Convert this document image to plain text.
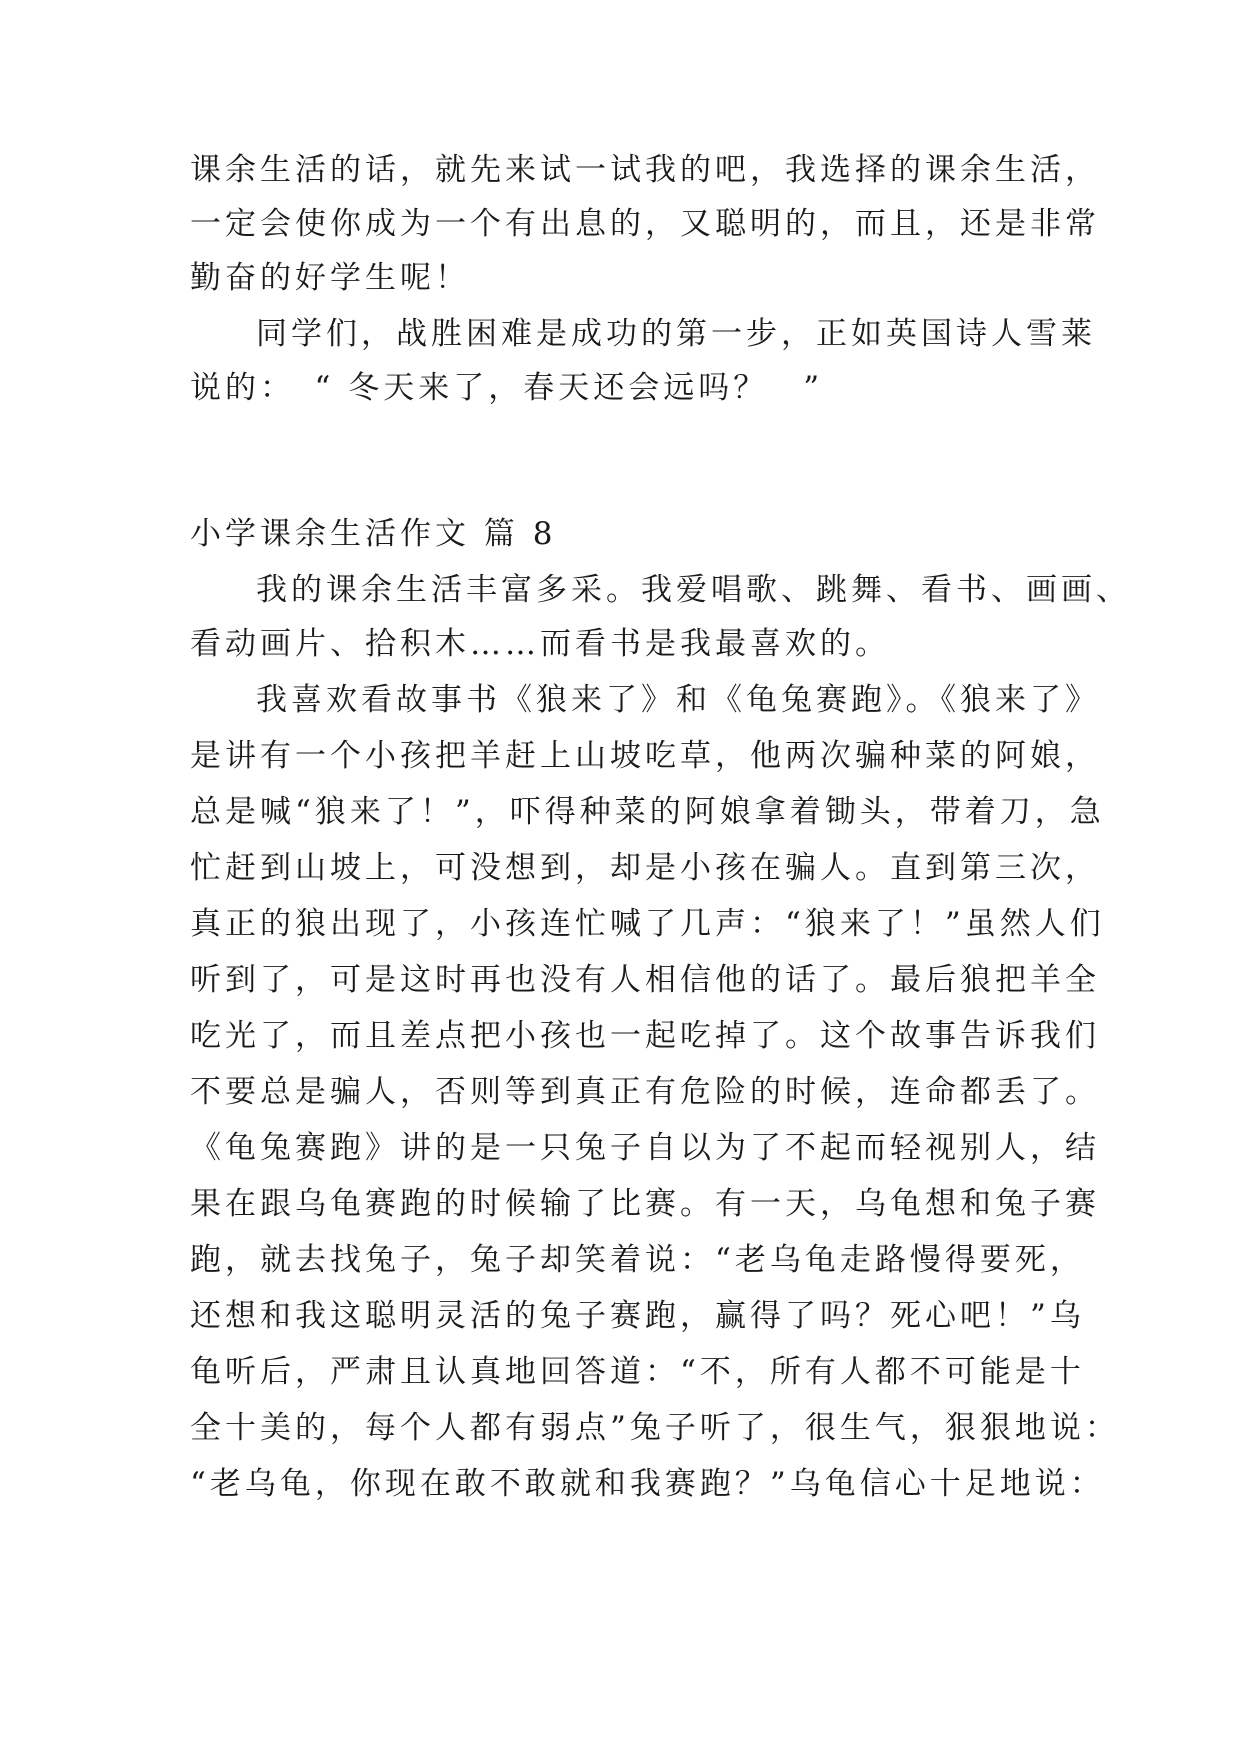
课余生活的话，就先来试一试我的吧，我选择的课余生活，
一定会使你成为一个有出息的，又聪明的，而且，还是非常
勤奋的好学生呢！
同学们，战胜困难是成功的第一步，正如英国诗人雪莱
说的：　“ 冬天来了，春天还会远吗？　”
小学课余生活作文 篇 8
我的课余生活丰富多采。我爱唱歌、跳舞、看书、画画、
看动画片、拾积木……而看书是我最喜欢的。
我喜欢看故事书《狼来了》和《龟兔赛跑》。《狼来了》
是讲有一个小孩把羊赶上山坡吃草，他两次骗种菜的阿娘，
总是喊“狼来了！”，吓得种菜的阿娘拿着锄头，带着刀，急
忙赶到山坡上，可没想到，却是小孩在骗人。直到第三次，
真正的狼出现了，小孩连忙喊了几声：“狼来了！”虽然人们
听到了，可是这时再也没有人相信他的话了。最后狼把羊全
吃光了，而且差点把小孩也一起吃掉了。这个故事告诉我们
不要总是骗人，否则等到真正有危险的时候，连命都丢了。
《龟兔赛跑》讲的是一只兔子自以为了不起而轻视别人，结
果在跟乌龟赛跑的时候输了比赛。有一天，乌龟想和兔子赛
跑，就去找兔子，兔子却笑着说：“老乌龟走路慢得要死，
还想和我这聪明灵活的兔子赛跑，赢得了吗？死心吧！”乌
龟听后，严肃且认真地回答道：“不，所有人都不可能是十
全十美的，每个人都有弱点”兔子听了，很生气，狠狠地说：
“老乌龟，你现在敢不敢就和我赛跑？”乌龟信心十足地说：
